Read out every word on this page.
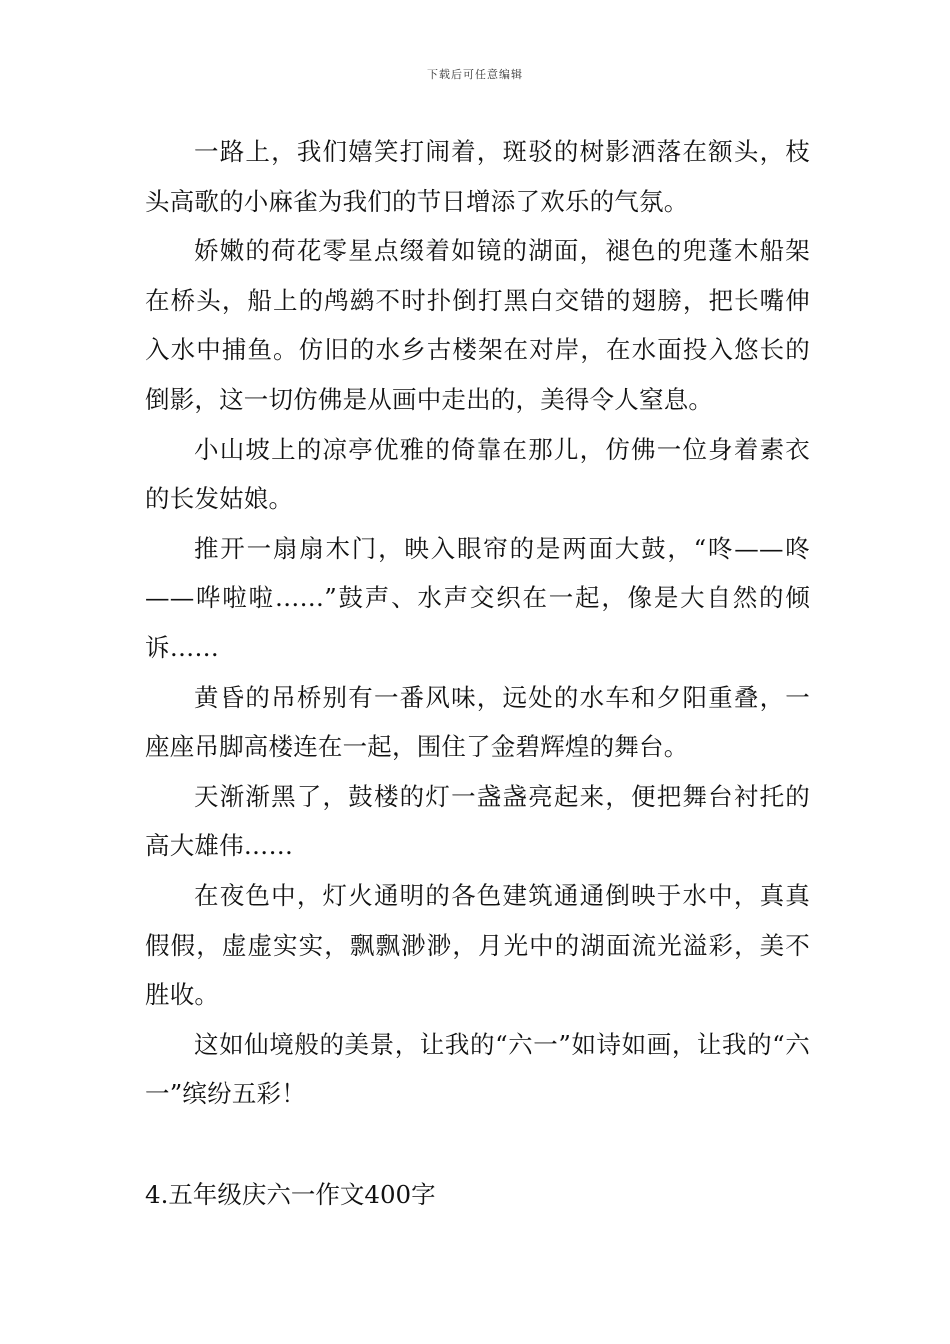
下载后可任意编辑

一路上，我们嬉笑打闹着，斑驳的树影洒落在额头，枝头高歌的小麻雀为我们的节日增添了欢乐的气氛。

娇嫩的荷花零星点缀着如镜的湖面，褪色的兜蓬木船架在桥头，船上的鸬鹚不时扑倒打黑白交错的翅膀，把长嘴伸入水中捕鱼。仿旧的水乡古楼架在对岸，在水面投入悠长的倒影，这一切仿佛是从画中走出的，美得令人窒息。

小山坡上的凉亭优雅的倚靠在那儿，仿佛一位身着素衣的长发姑娘。

推开一扇扇木门，映入眼帘的是两面大鼓，“咚——咚——哗啦啦……”鼓声、水声交织在一起，像是大自然的倾诉……

黄昏的吊桥别有一番风味，远处的水车和夕阳重叠，一座座吊脚高楼连在一起，围住了金碧辉煌的舞台。

天渐渐黑了，鼓楼的灯一盏盏亮起来，便把舞台衬托的高大雄伟……

在夜色中，灯火通明的各色建筑通通倒映于水中，真真假假，虚虚实实，飘飘渺渺，月光中的湖面流光溢彩，美不胜收。

这如仙境般的美景，让我的“六一”如诗如画，让我的“六一”缤纷五彩！

4.五年级庆六一作文400字
